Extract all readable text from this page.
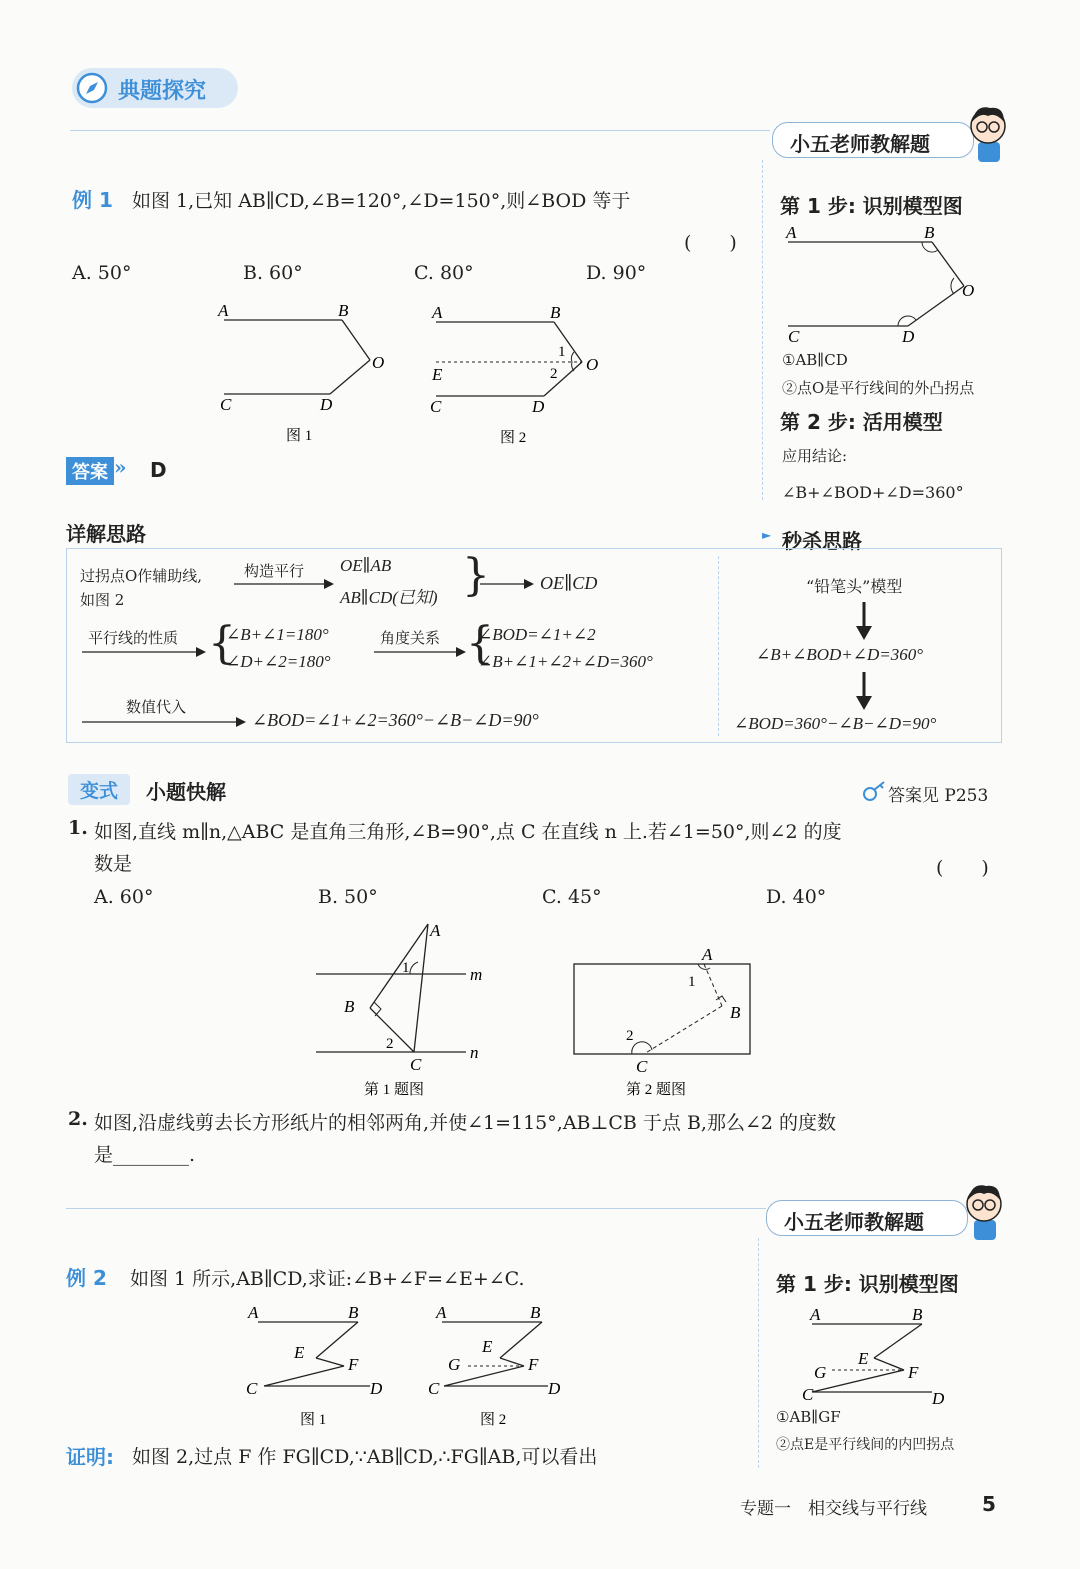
典题探究
小五老师教解题
例 1 如图 1,已知 AB∥CD,∠B=120°,∠D=150°,则∠BOD 等于
(　　)
A. 50°	B. 60°	C. 80°	D. 90°
A	B
O
C	D
图 1
A	B
O
E
C	D
1
2
图 2
答案 » D
第 1 步: 识别模型图
A	B
O
C	D
①AB∥CD
②点O是平行线间的外凸拐点
第 2 步: 活用模型
应用结论:
∠B+∠BOD+∠D=360°
详解思路	► 秒杀思路
过拐点O作辅助线,
如图 2
构造平行 OE∥AB
AB∥CD(已知) }	OE∥CD
平行线的性质 {
∠B+∠1=180°
∠D+∠2=180°
角度关系 {
∠BOD=∠1+∠2
∠B+∠1+∠2+∠D=360°
数值代入
∠BOD=∠1+∠2=360°−∠B−∠D=90°
“铅笔头”模型
∠B+∠BOD+∠D=360°
∠BOD=360°−∠B−∠D=90°
变式	小题快解	答案见 P253
1. 如图,直线 m∥n,△ABC 是直角三角形,∠B=90°,点 C 在直线 n 上.若∠1=50°,则∠2 的度
数是	(　　)
A. 60°	B. 50°	C. 45°	D. 40°
A
B
C
m
n
1
2
第 1 题图
A
B
C
1
2
第 2 题图
2. 如图,沿虚线剪去长方形纸片的相邻两角,并使∠1=115°,AB⊥CB 于点 B,那么∠2 的度数
是________.
小五老师教解题
例 2 如图 1 所示,AB∥CD,求证:∠B+∠F=∠E+∠C.
A	B
E
F
C	D
图 1
A	B
E
F
G
C	D
图 2
证明: 如图 2,过点 F 作 FG∥CD,∵AB∥CD,∴FG∥AB,可以看出
第 1 步: 识别模型图
A	B
E
F
G
C	D
①AB∥GF
②点E是平行线间的内凹拐点
专题一　相交线与平行线	5
